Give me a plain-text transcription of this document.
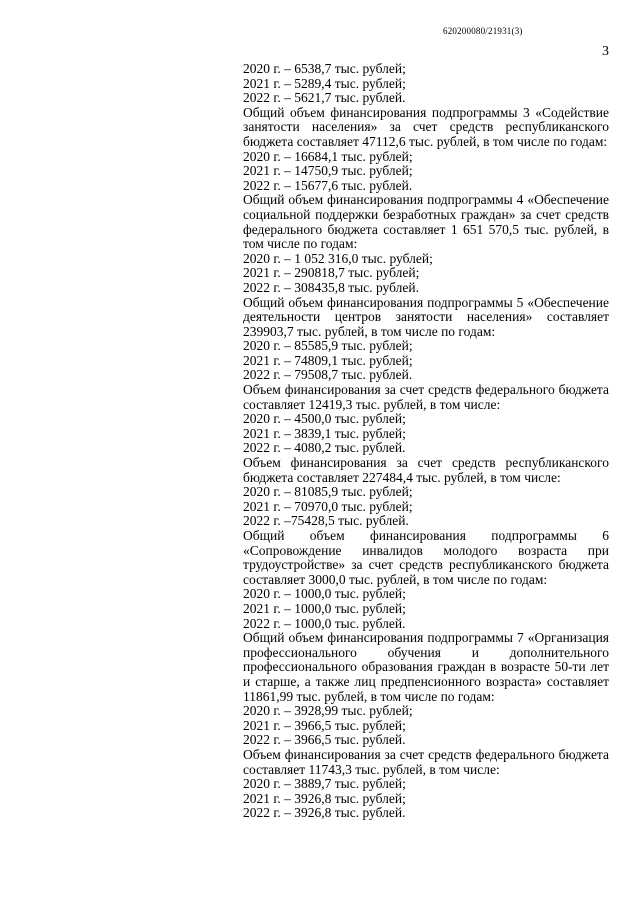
620200080/21931(3)
3
2020 г. – 6538,7 тыс. рублей;
2021 г. – 5289,4 тыс. рублей;
2022 г. – 5621,7 тыс. рублей.
Общий объем финансирования подпрограммы 3 «Содействие занятости населения» за счет средств республиканского бюджета составляет 47112,6 тыс. рублей, в том числе по годам:
2020 г. – 16684,1 тыс. рублей;
2021 г. – 14750,9 тыс. рублей;
2022 г. – 15677,6 тыс. рублей.
Общий объем финансирования подпрограммы 4 «Обеспечение социальной поддержки безработных граждан» за счет средств федерального бюджета составляет 1 651 570,5 тыс. рублей, в том числе по годам:
2020 г. – 1 052 316,0 тыс. рублей;
2021 г. – 290818,7 тыс. рублей;
2022 г. – 308435,8 тыс. рублей.
Общий объем финансирования подпрограммы 5 «Обеспечение деятельности центров занятости населения» составляет 239903,7 тыс. рублей, в том числе по годам:
2020 г. – 85585,9 тыс. рублей;
2021 г. – 74809,1 тыс. рублей;
2022 г. – 79508,7 тыс. рублей.
Объем финансирования за счет средств федерального бюджета составляет 12419,3 тыс. рублей, в том числе:
2020 г. – 4500,0 тыс. рублей;
2021 г. – 3839,1 тыс. рублей;
2022 г. – 4080,2 тыс. рублей.
Объем финансирования за счет средств республиканского бюджета составляет 227484,4 тыс. рублей, в том числе:
2020 г. – 81085,9 тыс. рублей;
2021 г. – 70970,0 тыс. рублей;
2022 г. –75428,5 тыс. рублей.
Общий объем финансирования подпрограммы 6 «Сопровождение инвалидов молодого возраста при трудоустройстве» за счет средств республиканского бюджета составляет 3000,0 тыс. рублей, в том числе по годам:
2020 г. – 1000,0 тыс. рублей;
2021 г. – 1000,0 тыс. рублей;
2022 г. – 1000,0 тыс. рублей.
Общий объем финансирования подпрограммы 7 «Организация профессионального обучения и дополнительного профессионального образования граждан в возрасте 50-ти лет и старше, а также лиц предпенсионного возраста» составляет 11861,99 тыс. рублей, в том числе по годам:
2020 г. – 3928,99 тыс. рублей;
2021 г. – 3966,5 тыс. рублей;
2022 г. – 3966,5 тыс. рублей.
Объем финансирования за счет средств федерального бюджета составляет 11743,3 тыс. рублей, в том числе:
2020 г. – 3889,7 тыс. рублей;
2021 г. – 3926,8 тыс. рублей;
2022 г. – 3926,8 тыс. рублей.
